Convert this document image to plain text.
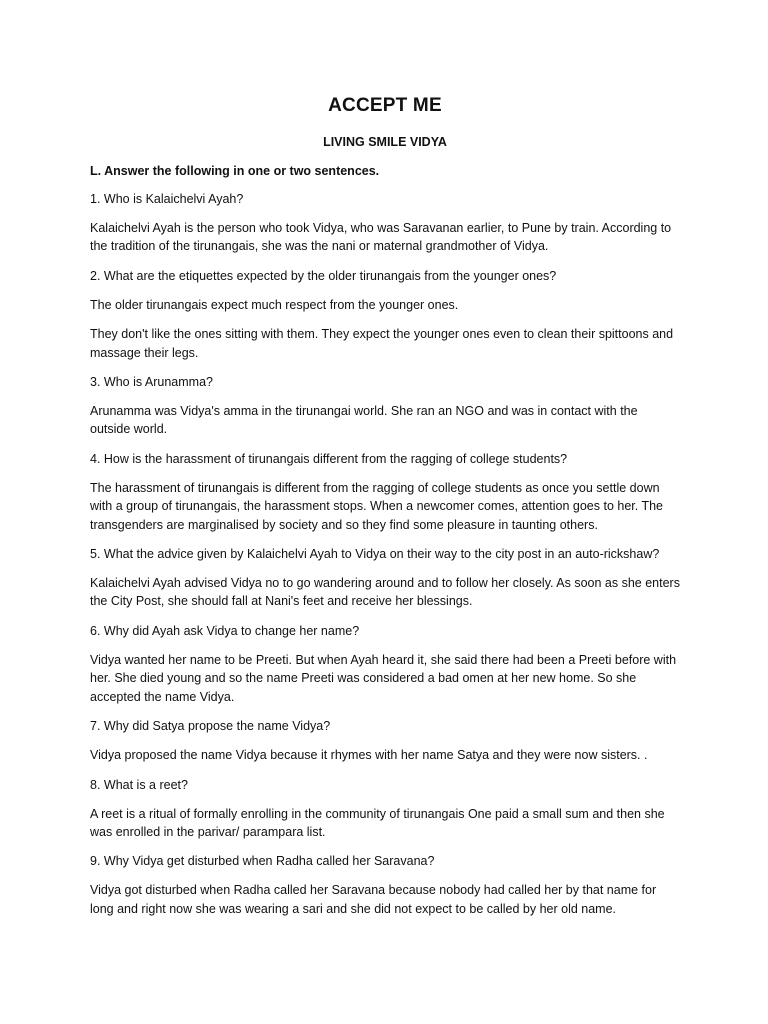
ACCEPT ME
LIVING SMILE VIDYA
L. Answer the following in one or two sentences.
1. Who is Kalaichelvi Ayah?
Kalaichelvi Ayah is the person who took Vidya, who was Saravanan earlier, to Pune by train. According to the tradition of the tirunangais, she was the nani or maternal grandmother of Vidya.
2. What are the etiquettes expected by the older tirunangais from the younger ones?
The older tirunangais expect much respect from the younger ones.
They don't like the ones sitting with them. They expect the younger ones even to clean their spittoons and massage their legs.
3. Who is Arunamma?
Arunamma was Vidya's amma in the tirunangai world. She ran an NGO and was in contact with the outside world.
4. How is the harassment of tirunangais different from the ragging of college students?
The harassment of tirunangais is different from the ragging of college students as once you settle down with a group of tirunangais, the harassment stops. When a newcomer comes, attention goes to her. The transgenders are marginalised by society and so they find some pleasure in taunting others.
5. What the advice given by Kalaichelvi Ayah to Vidya on their way to the city post in an auto-rickshaw?
Kalaichelvi Ayah advised Vidya no to go wandering around and to follow her closely. As soon as she enters the City Post, she should fall at Nani's feet and receive her blessings.
6. Why did Ayah ask Vidya to change her name?
Vidya wanted her name to be Preeti. But when Ayah heard it, she said there had been a Preeti before with her. She died young and so the name Preeti was considered a bad omen at her new home. So she accepted the name Vidya.
7. Why did Satya propose the name Vidya?
Vidya proposed the name Vidya because it rhymes with her name Satya and they were now sisters. .
8. What is a reet?
A reet is a ritual of formally enrolling in the community of tirunangais One paid a small sum and then she was enrolled in the parivar/ parampara list.
9. Why Vidya get disturbed when Radha called her Saravana?
Vidya got disturbed when Radha called her Saravana because nobody had called her by that name for long and right now she was wearing a sari and she did not expect to be called by her old name.
